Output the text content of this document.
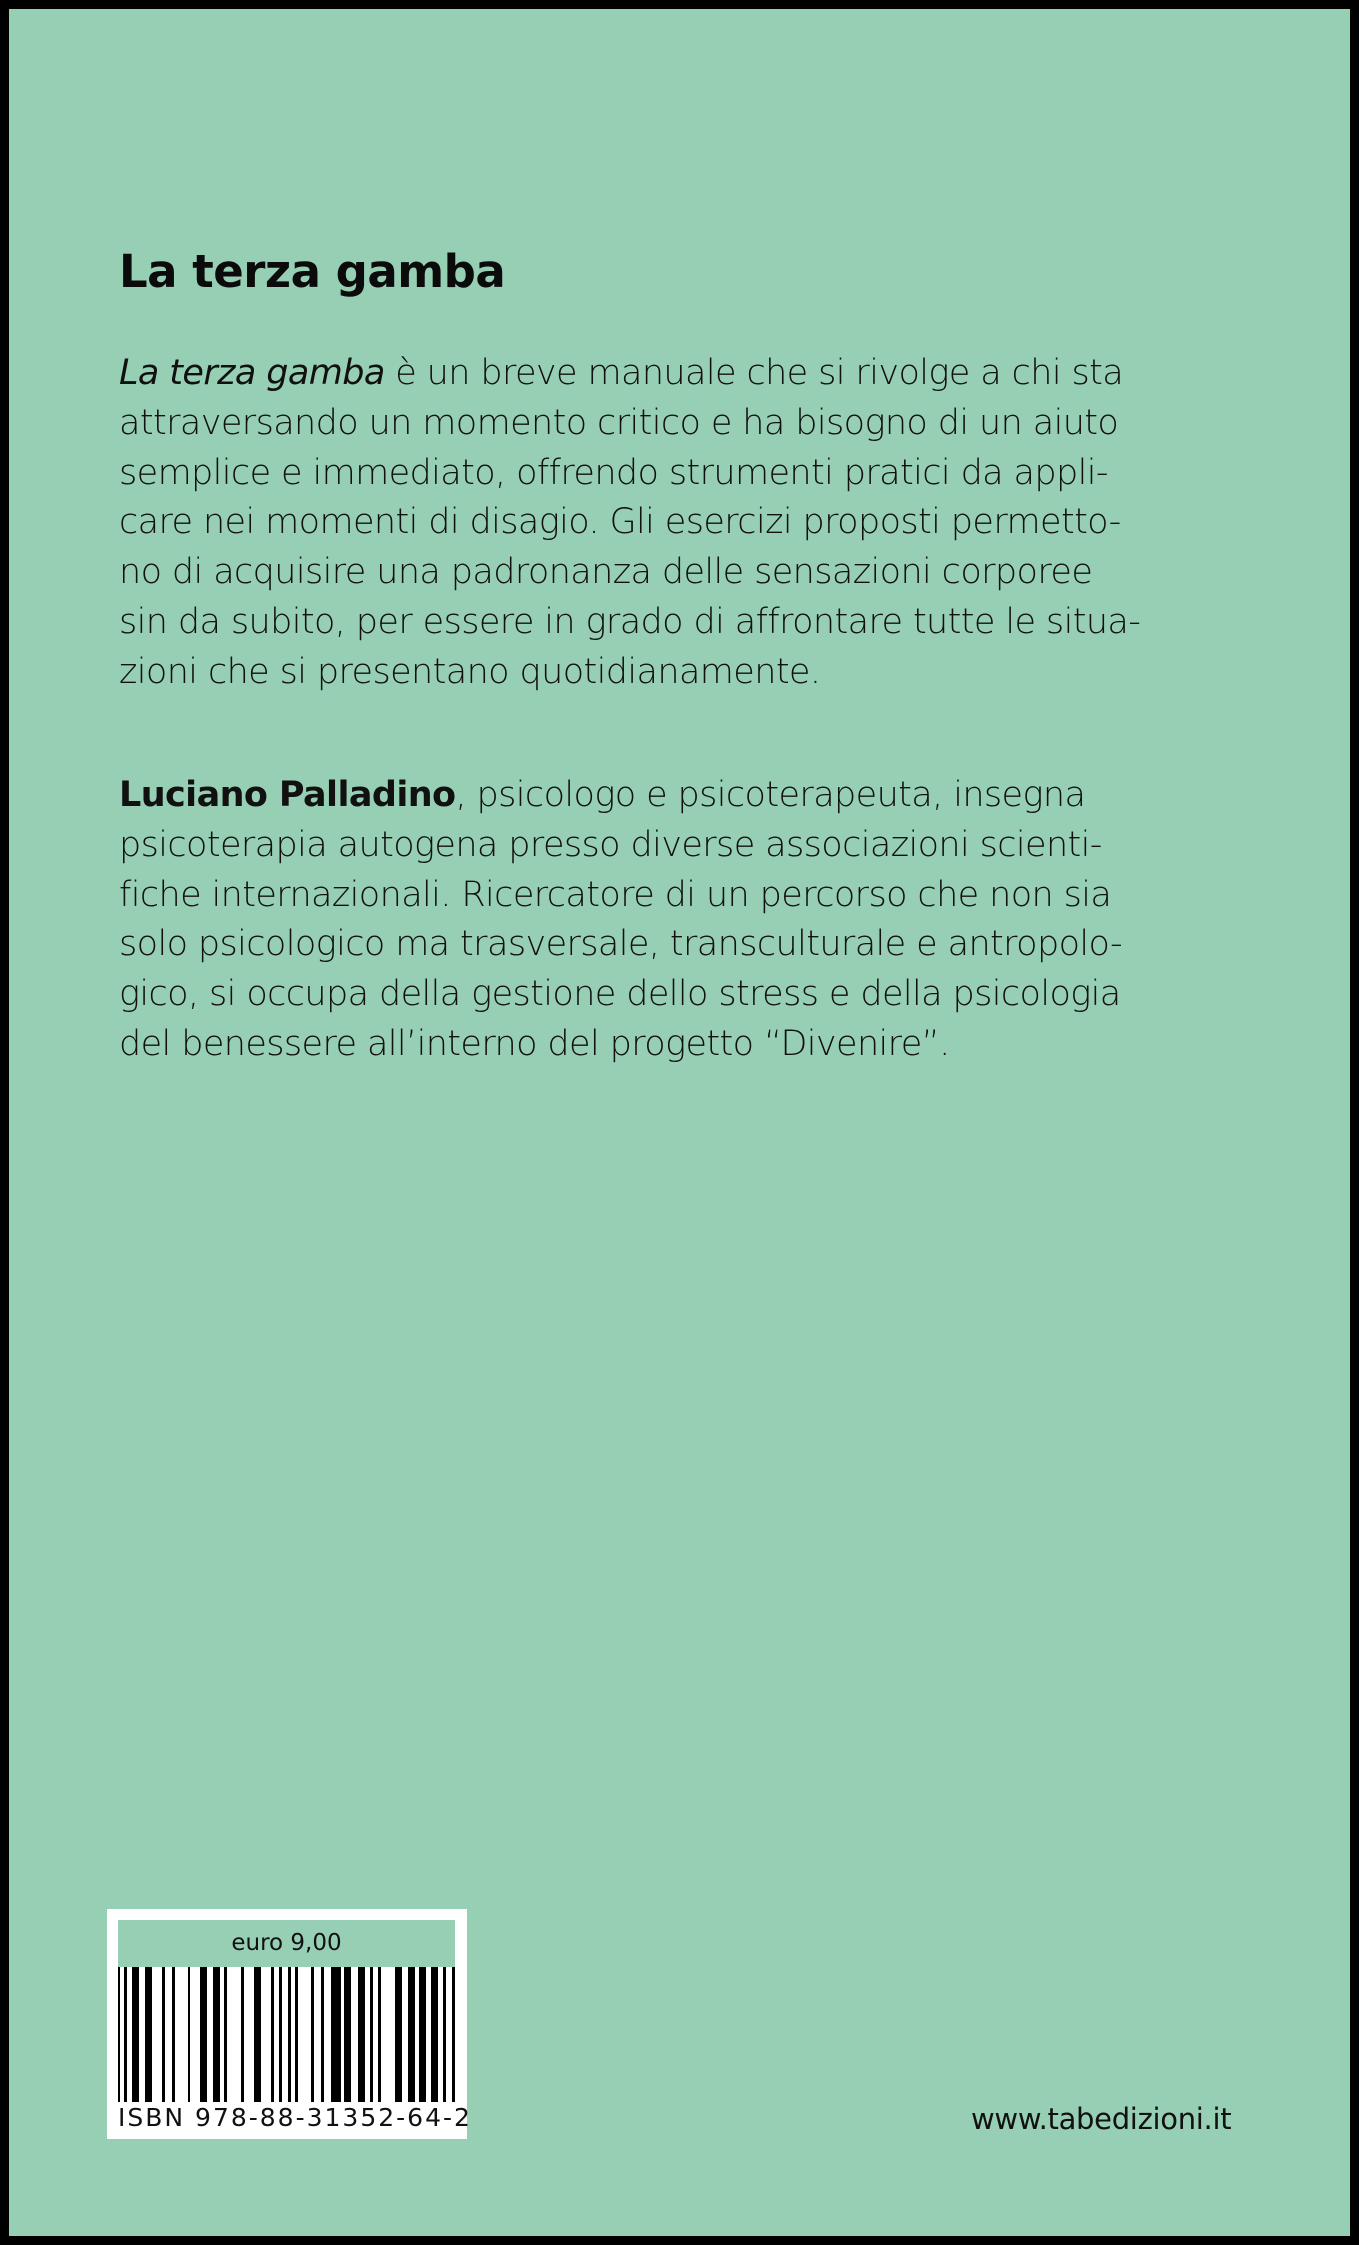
La terza gamba
La terza gamba è un breve manuale che si rivolge a chi sta
attraversando un momento critico e ha bisogno di un aiuto
semplice e immediato, offrendo strumenti pratici da appli-
care nei momenti di disagio. Gli esercizi proposti permetto-
no di acquisire una padronanza delle sensazioni corporee
sin da subito, per essere in grado di affrontare tutte le situa-
zioni che si presentano quotidianamente.
Luciano Palladino, psicologo e psicoterapeuta, insegna
psicoterapia autogena presso diverse associazioni scienti-
fiche internazionali. Ricercatore di un percorso che non sia
solo psicologico ma trasversale, transculturale e antropolo-
gico, si occupa della gestione dello stress e della psicologia
del benessere all’interno del progetto “Divenire”.
euro 9,00
ISBN 978-88-31352-64-2	www.tabedizioni.it
